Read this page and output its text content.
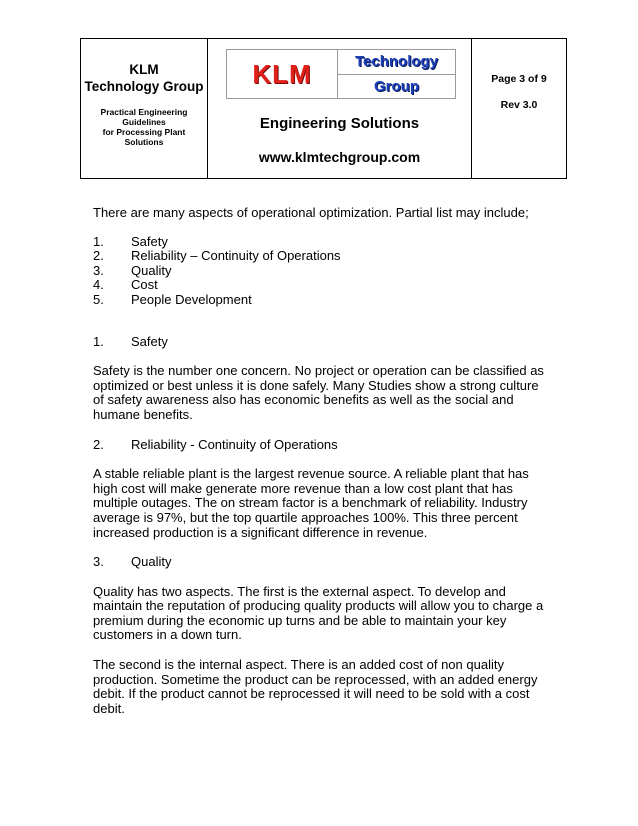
KLM
Technology Group
Practical Engineering
Guidelines
for Processing Plant
Solutions
KLM	Technology
Group
Engineering Solutions
www.klmtechgroup.com
Page 3 of 9
Rev 3.0

There are many aspects of operational optimization. Partial list may include;

1.	Safety
2.	Reliability – Continuity of Operations
3.	Quality
4.	Cost
5.	People Development
1.	Safety

Safety is the number one concern. No project or operation can be classified as optimized or best unless it is done safely. Many Studies show a strong culture of safety awareness also has economic benefits as well as the social and humane benefits.

2.	Reliability - Continuity of Operations

A stable reliable plant is the largest revenue source. A reliable plant that has high cost will make generate more revenue than a low cost plant that has multiple outages. The on stream factor is a benchmark of reliability. Industry average is 97%, but the top quartile approaches 100%. This three percent increased production is a significant difference in revenue.

3.	Quality

Quality has two aspects. The first is the external aspect. To develop and maintain the reputation of producing quality products will allow you to charge a premium during the economic up turns and be able to maintain your key customers in a down turn.

The second is the internal aspect. There is an added cost of non quality production. Sometime the product can be reprocessed, with an added energy debit. If the product cannot be reprocessed it will need to be sold with a cost debit.
